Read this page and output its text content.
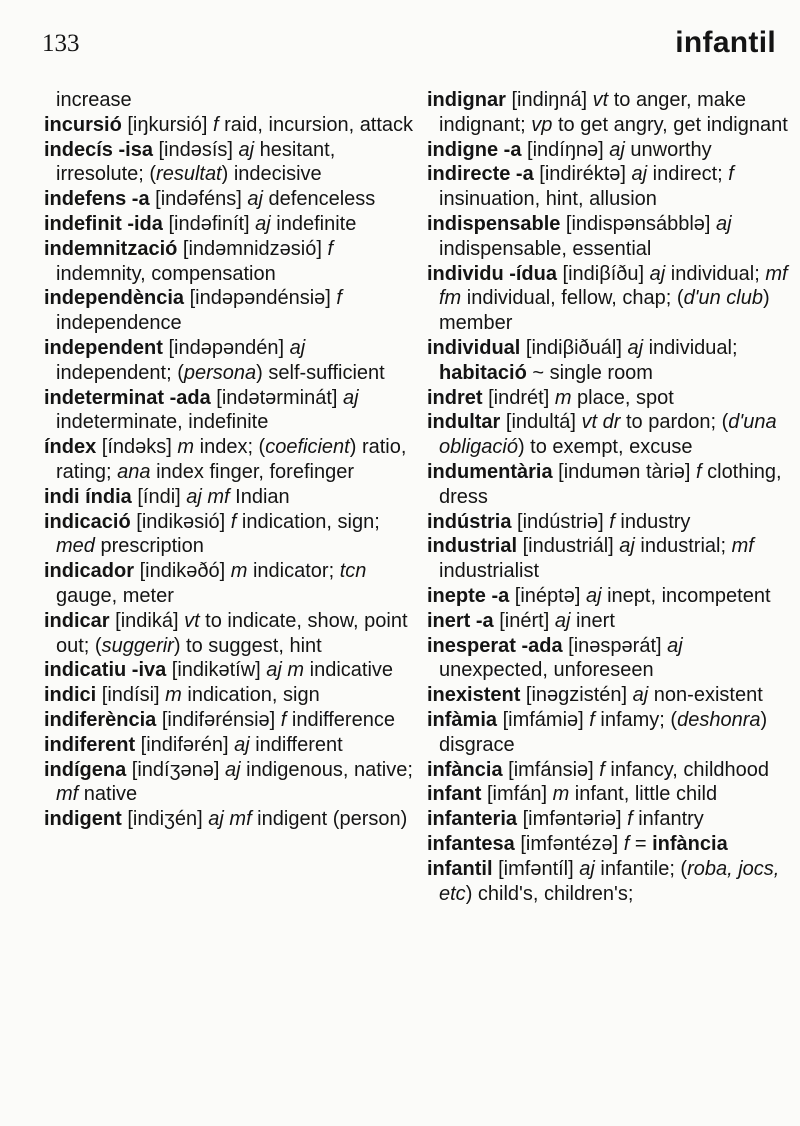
133	infantil
increase
incursió [iŋkursió] f raid, incursion, attack
indecís -isa [indəsís] aj hesitant, irresolute; (resultat) indecisive
indefens -a [indəféns] aj defenceless
indefinit -ida [indəfinít] aj indefinite
indemnització [indəmnidzəsió] f indemnity, compensation
independència [indəpəndénsiə] f independence
independent [indəpəndén] aj independent; (persona) self-sufficient
indeterminat -ada [indətərminát] aj indeterminate, indefinite
índex [índəks] m index; (coeficient) ratio, rating; ana index finger, forefinger
indi índia [índi] aj mf Indian
indicació [indikəsió] f indication, sign; med prescription
indicador [indikəðó] m indicator; tcn gauge, meter
indicar [indiká] vt to indicate, show, point out; (suggerir) to suggest, hint
indicatiu -iva [indikətíw] aj m indicative
indici [indísi] m indication, sign
indiferència [indifərénsiə] f indifference
indiferent [indifərén] aj indifferent
indígena [indíʒənə] aj indigenous, native; mf native
indigent [indiʒén] aj mf indigent (person)
indignar [indiŋná] vt to anger, make indignant; vp to get angry, get indignant
indigne -a [indíŋnə] aj unworthy
indirecte -a [indiréktə] aj indirect; f insinuation, hint, allusion
indispensable [indispənsábblə] aj indispensable, essential
individu -ídua [indiβíðu] aj individual; mf fm individual, fellow, chap; (d'un club) member
individual [indiβiðuál] aj individual; habitació ~ single room
indret [indrét] m place, spot
indultar [indultá] vt dr to pardon; (d'una obligació) to exempt, excuse
indumentària [indumən tàriə] f clothing, dress
indústria [indústriə] f industry
industrial [industriál] aj industrial; mf industrialist
inepte -a [inéptə] aj inept, incompetent
inert -a [inért] aj inert
inesperat -ada [inəspərát] aj unexpected, unforeseen
inexistent [inəgzistén] aj non-existent
infàmia [imfámiə] f infamy; (deshonra) disgrace
infància [imfánsiə] f infancy, childhood
infant [imfán] m infant, little child
infanteria [imfəntəriə] f infantry
infantesa [imfəntézə] f = infància
infantil [imfəntíl] aj infantile; (roba, jocs, etc) child's, children's;
